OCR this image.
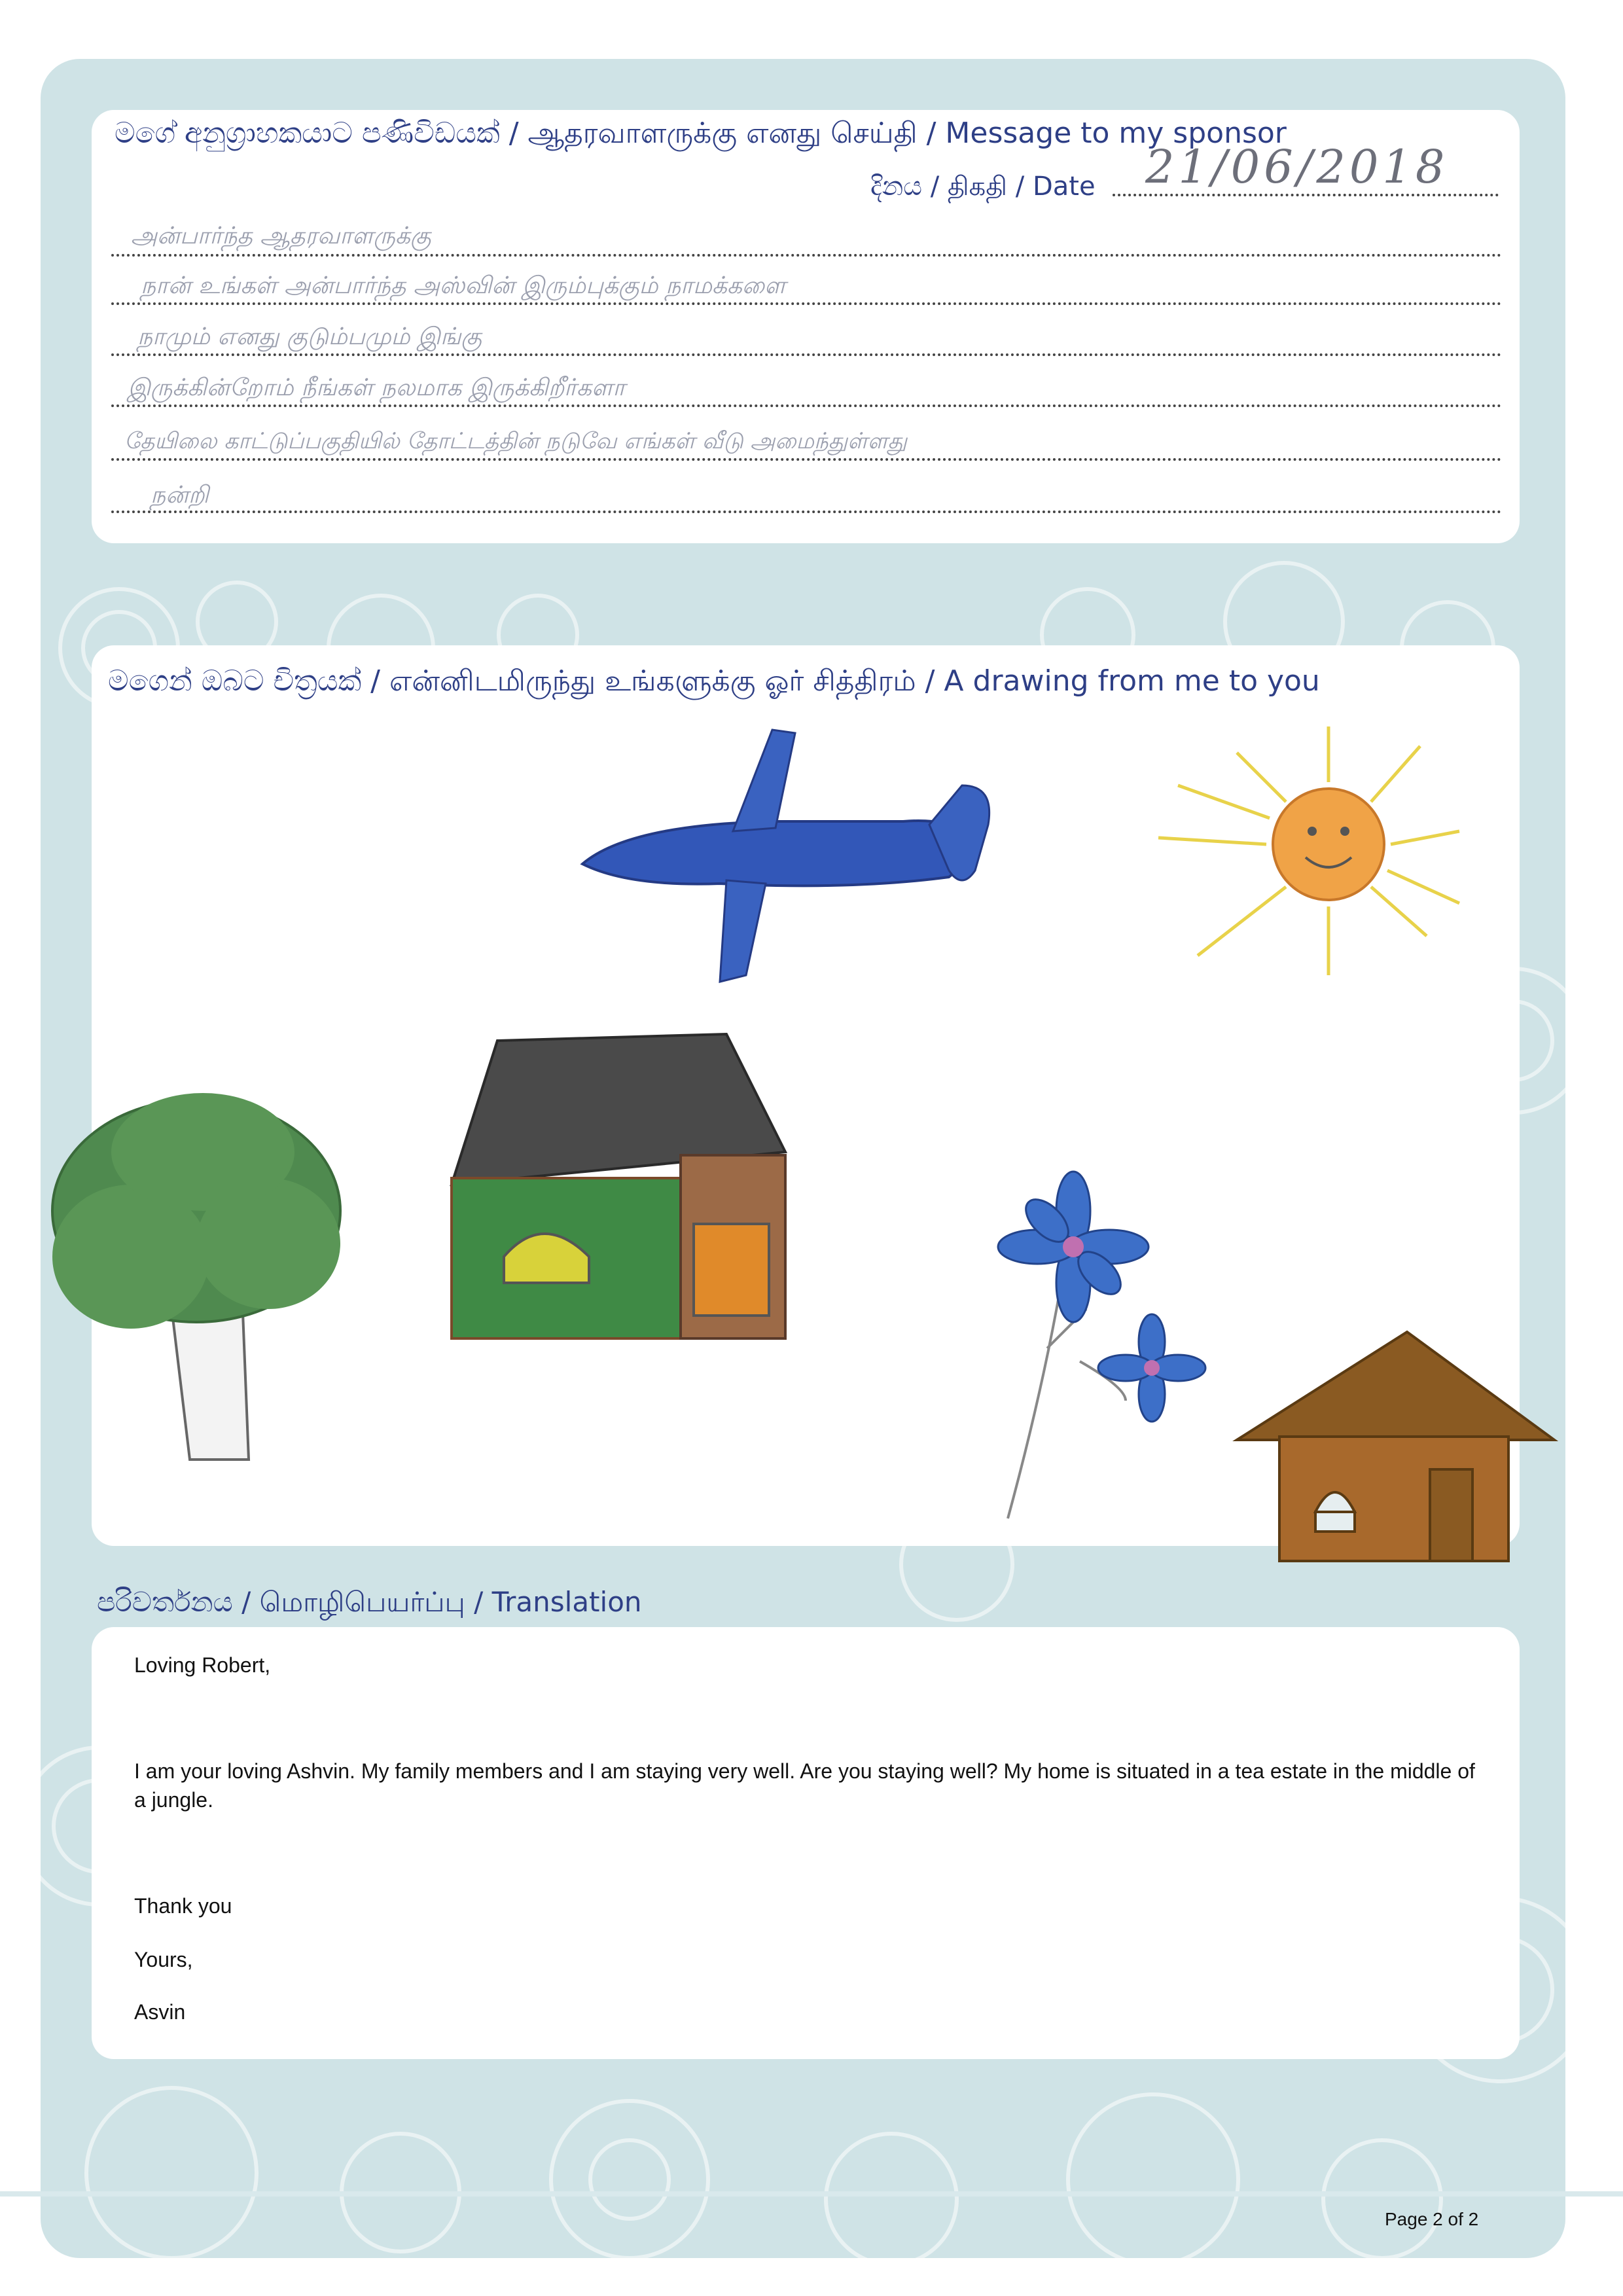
මගේ අනුග්‍රාහකයාට පණිවිඩයක් / ஆதரவாளருக்கு எனது செய்தி / Message to my sponsor
දිනය / திகதி / Date 21/06/2018
அன்பார்ந்த ஆதரவாளருக்கு
நான் உங்கள் அன்பார்ந்த அஸ்வின் இரும்புக்கும் நாமக்களை
நாமும் எனது குடும்பமும் இங்கு
இருக்கின்றோம் நீங்கள் நலமாக இருக்கிறீர்களா
தேயிலை காட்டுப்பகுதியில் தோட்டத்தின் நடுவே எங்கள் வீடு அமைந்துள்ளது
நன்றி
මගෙන් ඔබට චිත්‍රයක් / என்னிடமிருந்து உங்களுக்கு ஓர் சித்திரம் / A drawing from me to you
පරිවර්තනය / மொழிபெயர்ப்பு / Translation
Loving Robert,
I am your loving Ashvin. My family members and I am staying very well. Are you staying well? My home is situated in a tea estate in the middle of a jungle.
Thank you
Yours,
Asvin
Page 2 of 2
